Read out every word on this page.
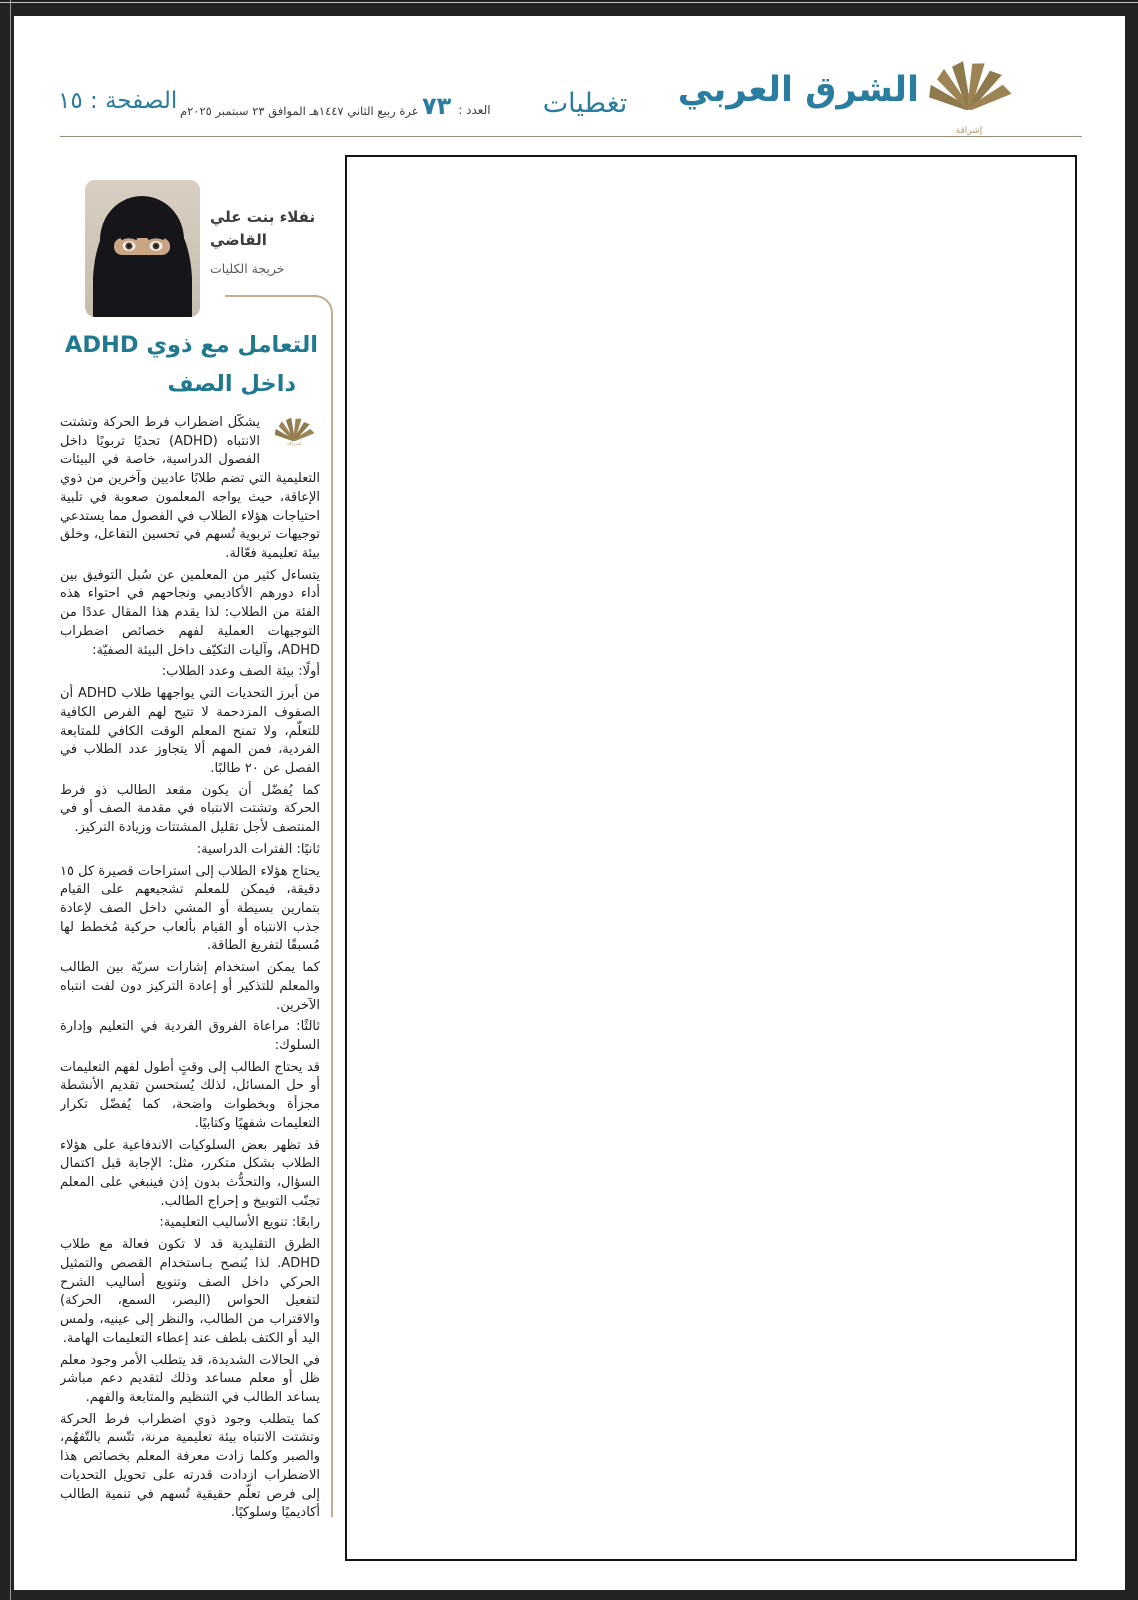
الشرق العربي
إشراقة
تغطيات
العدد :
٧٣
غرة ربيع الثاني ١٤٤٧هـ الموافق ٢٣ سبتمبر ٢٠٢٥م
الصفحة : ١٥
نفلاء بنت علي
القاضي
خريجة الكليات
التعامل مع ذوي ADHD
داخل الصف

إشراقة
يشكّل اضطراب فرط الحركة وتشتت الانتباه (ADHD) تحديًا تربويًا داخل الفصول الدراسية، خاصة في البيئات التعليمية التي تضم طلابًا عاديين وآخرين من ذوي الإعاقة، حيث يواجه المعلمون صعوبة في تلبية احتياجات هؤلاء الطلاب في الفصول مما يستدعي توجيهات تربوية تُسهم في تحسين التفاعل، وخلق بيئة تعليمية فعّالة.

يتساءل كثير من المعلمين عن سُبل التوفيق بين أداء دورهم الأكاديمي ونجاحهم في احتواء هذه الفئة من الطلاب: لذا يقدم هذا المقال عددًا من التوجيهات العملية لفهم خصائص اضطراب ADHD، وآليات التكيّف داخل البيئة الصفيّة:

أولًا: بيئة الصف وعدد الطلاب:

من أبرز التحديات التي يواجهها طلاب ADHD أن الصفوف المزدحمة لا تتيح لهم الفرص الكافية للتعلّم، ولا تمنح المعلم الوقت الكافي للمتابعة الفردية، فمن المهم ألا يتجاوز عدد الطلاب في الفصل عن ٢٠ طالبًا.

كما يُفضّل أن يكون مقعد الطالب ذو فرط الحركة وتشتت الانتباه في مقدمة الصف أو في المنتصف لأجل تقليل المشتتات وزيادة التركيز.

ثانيًا: الفترات الدراسية:

يحتاج هؤلاء الطلاب إلى استراحات قصيرة كل ١٥ دقيقة، فيمكن للمعلم تشجيعهم على القيام بتمارين بسيطة أو المشي داخل الصف لإعادة جذب الانتباه أو القيام بألعاب حركية مُخطط لها مُسبقًا لتفريغ الطاقة.

كما يمكن استخدام إشارات سريّة بين الطالب والمعلم للتذكير أو إعادة التركيز دون لفت انتباه الآخرين.

ثالثًا: مراعاة الفروق الفردية في التعليم وإدارة السلوك:

قد يحتاج الطالب إلى وقتٍ أطول لفهم التعليمات أو حل المسائل، لذلك يُستحسن تقديم الأنشطة مجزأة وبخطوات واضحة، كما يُفضّل تكرار التعليمات شفهيًا وكتابيًا.

قد تظهر بعض السلوكيات الاندفاعية على هؤلاء الطلاب بشكل متكرر، مثل: الإجابة قبل اكتمال السؤال، والتحدُّث بدون إذن فينبغي على المعلم تجنّب التوبيخ و إحراج الطالب.

رابعًا: تنويع الأساليب التعليمية:

الطرق التقليدية قد لا تكون فعالة مع طلاب ADHD. لذا يُنصح بـاستخدام القصص والتمثيل الحركي داخل الصف وتنويع أساليب الشرح لتفعيل الحواس (البصر، السمع، الحركة) والاقتراب من الطالب، والنظر إلى عينيه، ولمس اليد أو الكتف بلطف عند إعطاء التعليمات الهامة.

في الحالات الشديدة، قد يتطلب الأمر وجود معلم ظل أو معلم مساعد وذلك لتقديم دعم مباشر يساعد الطالب في التنظيم والمتابعة والفهم.

كما يتطلب وجود ذوي اضطراب فرط الحركة وتشتت الانتباه بيئة تعليمية مرنة، تتّسم بالتّفهُم، والصبر وكلما زادت معرفة المعلم بخصائص هذا الاضطراب ازدادت قدرته على تحويل التحديات إلى فرص تعلّم حقيقية تُسهم في تنمية الطالب أكاديميًا وسلوكيًا.
